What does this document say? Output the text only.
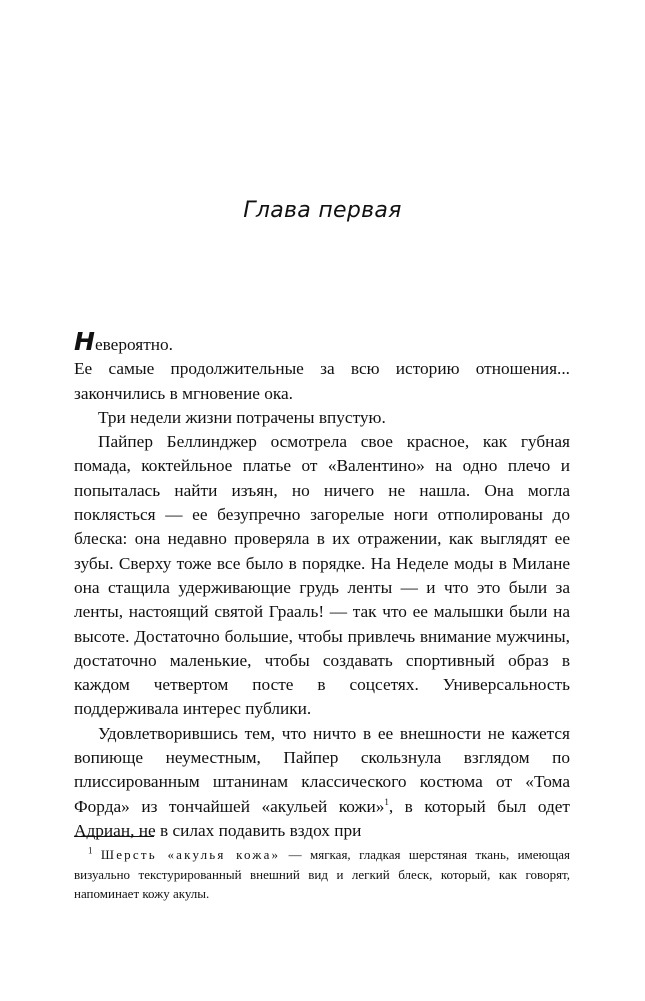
Глава первая

Невероятно.

Ее самые продолжительные за всю историю отношения... закончились в мгновение ока.

Три недели жизни потрачены впустую.

Пайпер Беллинджер осмотрела свое красное, как губная помада, коктейльное платье от «Валентино» на одно плечо и попыталась найти изъян, но ничего не нашла. Она могла поклясться — ее безупречно загорелые ноги отполированы до блеска: она недавно проверяла в их отражении, как выглядят ее зубы. Сверху тоже все было в порядке. На Неделе моды в Милане она стащила удерживающие грудь ленты — и что это были за ленты, настоящий святой Грааль! — так что ее малышки были на высоте. Достаточно большие, чтобы привлечь внимание мужчины, достаточно маленькие, чтобы создавать спортивный образ в каждом четвертом посте в соцсетях. Универсальность поддерживала интерес публики.

Удовлетворившись тем, что ничто в ее внешности не кажется вопиюще неуместным, Пайпер скользнула взглядом по плиссированным штанинам классического костюма от «Тома Форда» из тончайшей «акульей кожи»$^1$, в который был одет Адриан, не в силах подавить вздох при

$^1$ Шерсть «акулья кожа» — мягкая, гладкая шерстяная ткань, имеющая визуально текстурированный внешний вид и легкий блеск, который, как говорят, напоминает кожу акулы.
